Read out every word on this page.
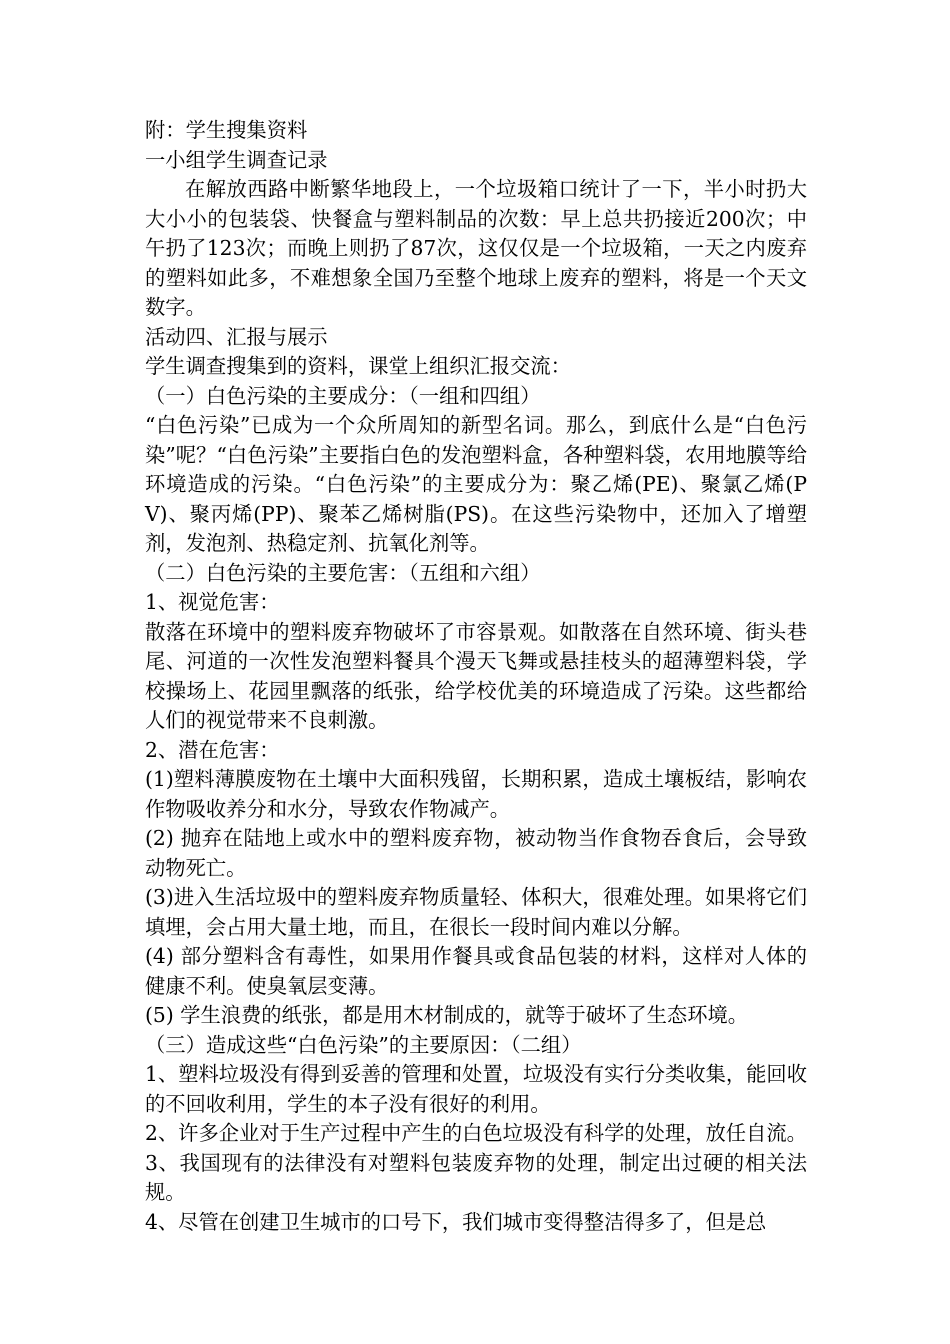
附：学生搜集资料

一小组学生调查记录

在解放西路中断繁华地段上，一个垃圾箱口统计了一下，半小时扔大大小小的包装袋、快餐盒与塑料制品的次数：早上总共扔接近200次；中午扔了123次；而晚上则扔了87次，这仅仅是一个垃圾箱，一天之内废弃的塑料如此多，不难想象全国乃至整个地球上废弃的塑料，将是一个天文数字。

活动四、汇报与展示

学生调查搜集到的资料，课堂上组织汇报交流：

（一）白色污染的主要成分：（一组和四组）

“白色污染”已成为一个众所周知的新型名词。那么，到底什么是“白色污染”呢？“白色污染”主要指白色的发泡塑料盒，各种塑料袋，农用地膜等给环境造成的污染。“白色污染”的主要成分为：聚乙烯(PE)、聚氯乙烯(PV)、聚丙烯(PP)、聚苯乙烯树脂(PS)。在这些污染物中，还加入了增塑剂，发泡剂、热稳定剂、抗氧化剂等。

（二）白色污染的主要危害：（五组和六组）

1、视觉危害：

散落在环境中的塑料废弃物破坏了市容景观。如散落在自然环境、街头巷尾、河道的一次性发泡塑料餐具个漫天飞舞或悬挂枝头的超薄塑料袋，学校操场上、花园里飘落的纸张，给学校优美的环境造成了污染。这些都给人们的视觉带来不良刺激。

2、潜在危害：

(1)塑料薄膜废物在土壤中大面积残留，长期积累，造成土壤板结，影响农作物吸收养分和水分，导致农作物减产。

(2) 抛弃在陆地上或水中的塑料废弃物，被动物当作食物吞食后，会导致动物死亡。

(3)进入生活垃圾中的塑料废弃物质量轻、体积大，很难处理。如果将它们填埋，会占用大量土地，而且，在很长一段时间内难以分解。

(4) 部分塑料含有毒性，如果用作餐具或食品包装的材料，这样对人体的健康不利。使臭氧层变薄。

(5) 学生浪费的纸张，都是用木材制成的，就等于破坏了生态环境。

（三）造成这些“白色污染”的主要原因：（二组）

1、塑料垃圾没有得到妥善的管理和处置，垃圾没有实行分类收集，能回收的不回收利用，学生的本子没有很好的利用。

2、许多企业对于生产过程中产生的白色垃圾没有科学的处理，放任自流。

3、我国现有的法律没有对塑料包装废弃物的处理，制定出过硬的相关法规。

4、尽管在创建卫生城市的口号下，我们城市变得整洁得多了，但是总
